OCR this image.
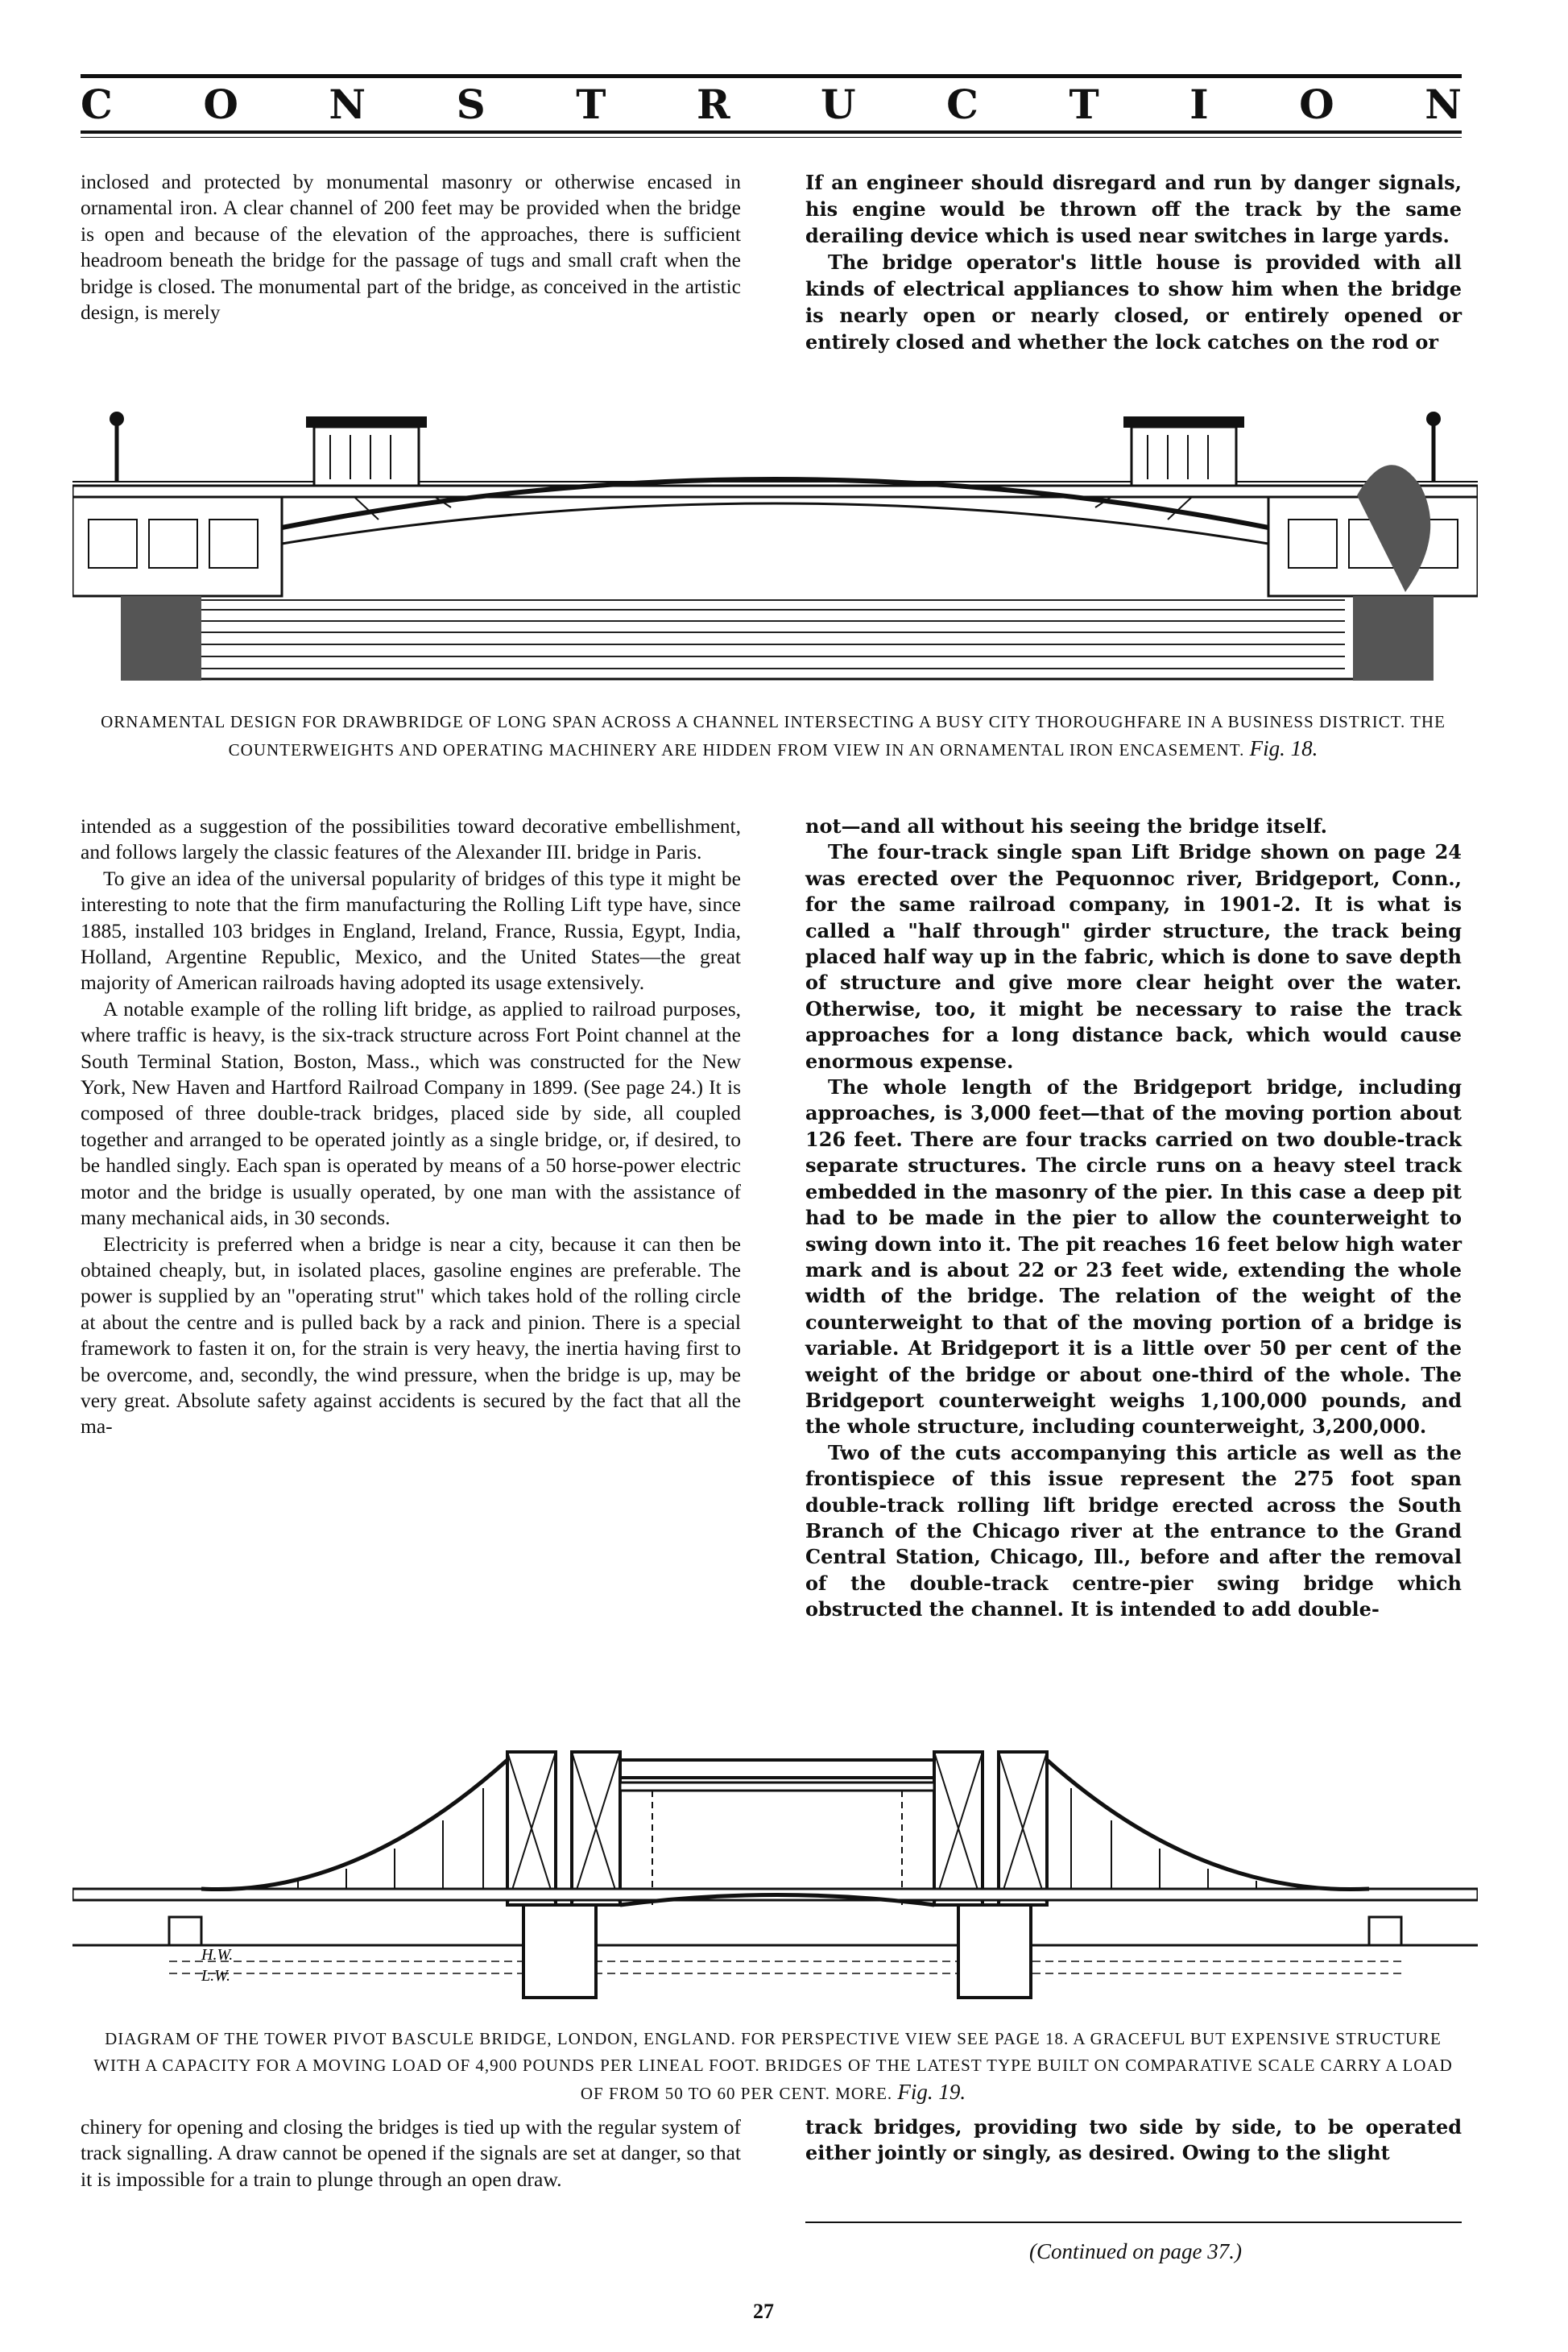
C O N S T R U C T I O N

inclosed and protected by monumental masonry or otherwise encased in ornamental iron. A clear channel of 200 feet may be provided when the bridge is open and because of the elevation of the approaches, there is sufficient headroom beneath the bridge for the passage of tugs and small craft when the bridge is closed. The monumental part of the bridge, as conceived in the artistic design, is merely

If an engineer should disregard and run by danger signals, his engine would be thrown off the track by the same derailing device which is used near switches in large yards.

The bridge operator's little house is provided with all kinds of electrical appliances to show him when the bridge is nearly open or nearly closed, or entirely opened or entirely closed and whether the lock catches on the rod or

ORNAMENTAL DESIGN FOR DRAWBRIDGE OF LONG SPAN ACROSS A CHANNEL INTERSECTING A BUSY CITY THOROUGHFARE IN A BUSINESS DISTRICT. THE COUNTERWEIGHTS AND OPERATING MACHINERY ARE HIDDEN FROM VIEW IN AN ORNAMENTAL IRON ENCASEMENT. Fig. 18.

intended as a suggestion of the possibilities toward decorative embellishment, and follows largely the classic features of the Alexander III. bridge in Paris.

To give an idea of the universal popularity of bridges of this type it might be interesting to note that the firm manufacturing the Rolling Lift type have, since 1885, installed 103 bridges in England, Ireland, France, Russia, Egypt, India, Holland, Argentine Republic, Mexico, and the United States—the great majority of American railroads having adopted its usage extensively.

A notable example of the rolling lift bridge, as applied to railroad purposes, where traffic is heavy, is the six-track structure across Fort Point channel at the South Terminal Station, Boston, Mass., which was constructed for the New York, New Haven and Hartford Railroad Company in 1899. (See page 24.) It is composed of three double-track bridges, placed side by side, all coupled together and arranged to be operated jointly as a single bridge, or, if desired, to be handled singly. Each span is operated by means of a 50 horse-power electric motor and the bridge is usually operated, by one man with the assistance of many mechanical aids, in 30 seconds.

Electricity is preferred when a bridge is near a city, because it can then be obtained cheaply, but, in isolated places, gasoline engines are preferable. The power is supplied by an "operating strut" which takes hold of the rolling circle at about the centre and is pulled back by a rack and pinion. There is a special framework to fasten it on, for the strain is very heavy, the inertia having first to be overcome, and, secondly, the wind pressure, when the bridge is up, may be very great. Absolute safety against accidents is secured by the fact that all the ma-

not—and all without his seeing the bridge itself.

The four-track single span Lift Bridge shown on page 24 was erected over the Pequonnoc river, Bridgeport, Conn., for the same railroad company, in 1901-2. It is what is called a "half through" girder structure, the track being placed half way up in the fabric, which is done to save depth of structure and give more clear height over the water. Otherwise, too, it might be necessary to raise the track approaches for a long distance back, which would cause enormous expense.

The whole length of the Bridgeport bridge, including approaches, is 3,000 feet—that of the moving portion about 126 feet. There are four tracks carried on two double-track separate structures. The circle runs on a heavy steel track embedded in the masonry of the pier. In this case a deep pit had to be made in the pier to allow the counterweight to swing down into it. The pit reaches 16 feet below high water mark and is about 22 or 23 feet wide, extending the whole width of the bridge. The relation of the weight of the counterweight to that of the moving portion of a bridge is variable. At Bridgeport it is a little over 50 per cent of the weight of the bridge or about one-third of the whole. The Bridgeport counterweight weighs 1,100,000 pounds, and the whole structure, including counterweight, 3,200,000.

Two of the cuts accompanying this article as well as the frontispiece of this issue represent the 275 foot span double-track rolling lift bridge erected across the South Branch of the Chicago river at the entrance to the Grand Central Station, Chicago, Ill., before and after the removal of the double-track centre-pier swing bridge which obstructed the channel. It is intended to add double-

H.W.
L.W.

DIAGRAM OF THE TOWER PIVOT BASCULE BRIDGE, LONDON, ENGLAND. FOR PERSPECTIVE VIEW SEE PAGE 18. A GRACEFUL BUT EXPENSIVE STRUCTURE WITH A CAPACITY FOR A MOVING LOAD OF 4,900 POUNDS PER LINEAL FOOT. BRIDGES OF THE LATEST TYPE BUILT ON COMPARATIVE SCALE CARRY A LOAD OF FROM 50 TO 60 PER CENT. MORE. Fig. 19.

chinery for opening and closing the bridges is tied up with the regular system of track signalling. A draw cannot be opened if the signals are set at danger, so that it is impossible for a train to plunge through an open draw.

track bridges, providing two side by side, to be operated either jointly or singly, as desired. Owing to the slight

(Continued on page 37.)
27
